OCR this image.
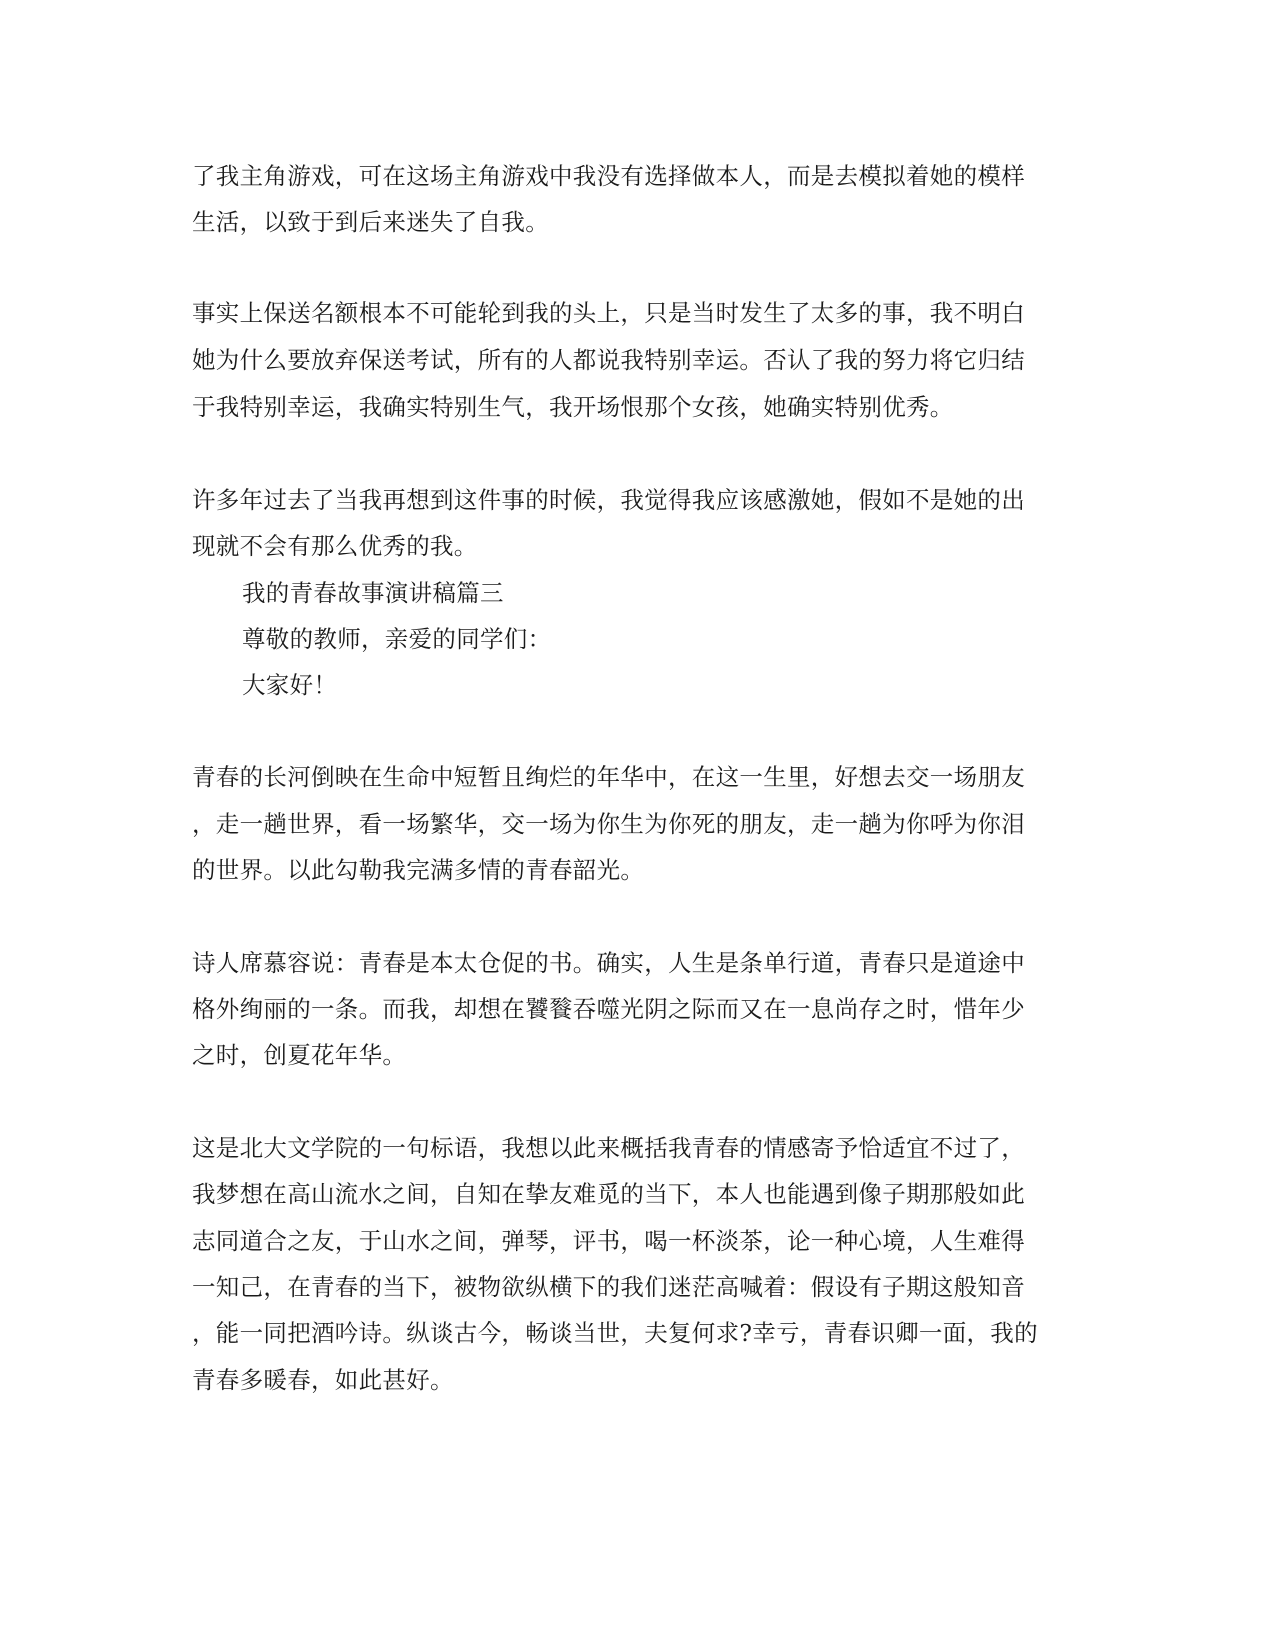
了我主角游戏，可在这场主角游戏中我没有选择做本人，而是去模拟着她的模样

生活，以致于到后来迷失了自我。

事实上保送名额根本不可能轮到我的头上，只是当时发生了太多的事，我不明白

她为什么要放弃保送考试，所有的人都说我特别幸运。否认了我的努力将它归结

于我特别幸运，我确实特别生气，我开场恨那个女孩，她确实特别优秀。

许多年过去了当我再想到这件事的时候，我觉得我应该感激她，假如不是她的出

现就不会有那么优秀的我。

我的青春故事演讲稿篇三

尊敬的教师，亲爱的同学们：

大家好！

青春的长河倒映在生命中短暂且绚烂的年华中，在这一生里，好想去交一场朋友

，走一趟世界，看一场繁华，交一场为你生为你死的朋友，走一趟为你呼为你泪

的世界。以此勾勒我完满多情的青春韶光。

诗人席慕容说：青春是本太仓促的书。确实，人生是条单行道，青春只是道途中

格外绚丽的一条。而我，却想在饕餮吞噬光阴之际而又在一息尚存之时，惜年少

之时，创夏花年华。

这是北大文学院的一句标语，我想以此来概括我青春的情感寄予恰适宜不过了，

我梦想在高山流水之间，自知在挚友难觅的当下，本人也能遇到像子期那般如此

志同道合之友，于山水之间，弹琴，评书，喝一杯淡茶，论一种心境，人生难得

一知己，在青春的当下，被物欲纵横下的我们迷茫高喊着：假设有子期这般知音

，能一同把酒吟诗。纵谈古今，畅谈当世，夫复何求?幸亏，青春识卿一面，我的

青春多暖春，如此甚好。
